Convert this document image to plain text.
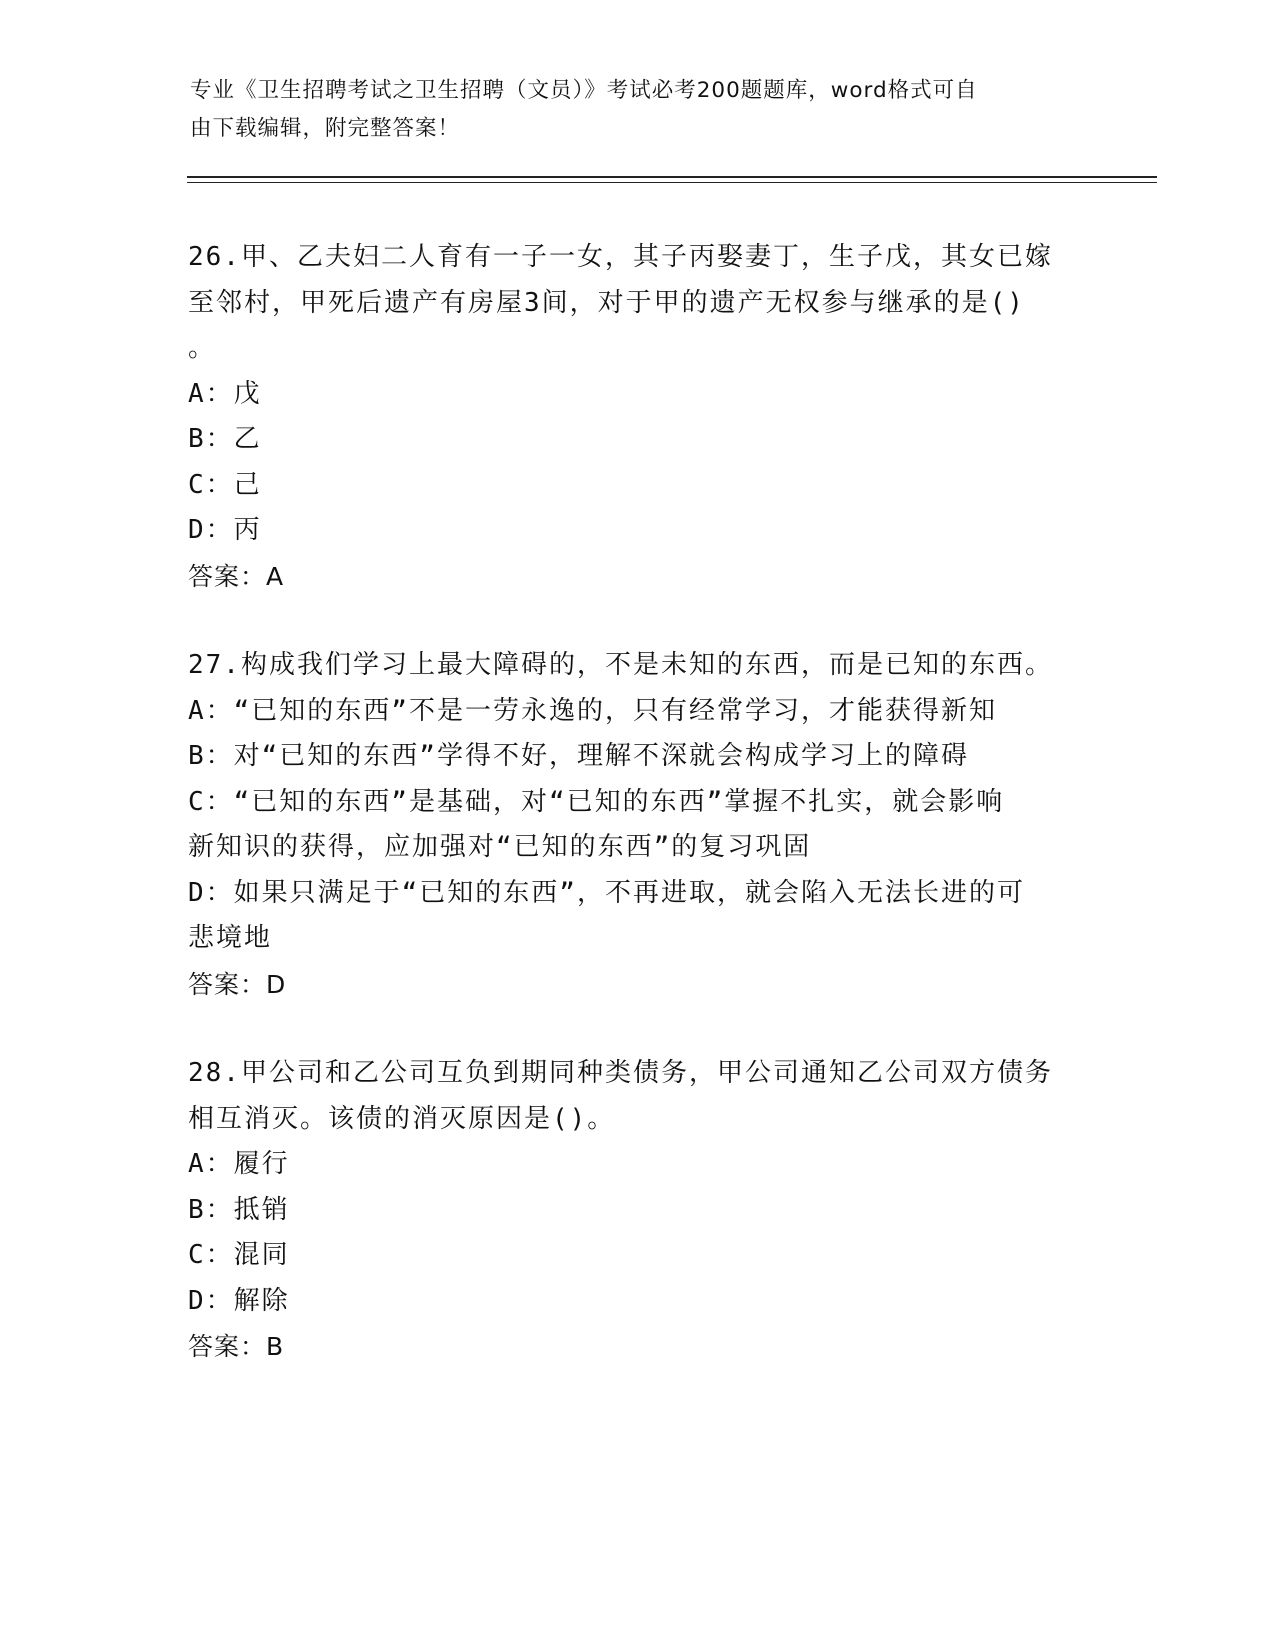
专业《卫生招聘考试之卫生招聘（文员）》考试必考200题题库，word格式可自
由下载编辑，附完整答案！
26.甲、乙夫妇二人育有一子一女，其子丙娶妻丁，生子戊，其女已嫁
至邻村，甲死后遗产有房屋3间，对于甲的遗产无权参与继承的是()
。
A：戊
B：乙
C：己
D：丙
答案：A
27.构成我们学习上最大障碍的，不是未知的东西，而是已知的东西。
A：“已知的东西”不是一劳永逸的，只有经常学习，才能获得新知
B：对“已知的东西”学得不好，理解不深就会构成学习上的障碍
C：“已知的东西”是基础，对“已知的东西”掌握不扎实，就会影响
新知识的获得，应加强对“已知的东西”的复习巩固
D：如果只满足于“已知的东西”，不再进取，就会陷入无法长进的可
悲境地
答案：D
28.甲公司和乙公司互负到期同种类债务，甲公司通知乙公司双方债务
相互消灭。该债的消灭原因是()。
A：履行
B：抵销
C：混同
D：解除
答案：B
